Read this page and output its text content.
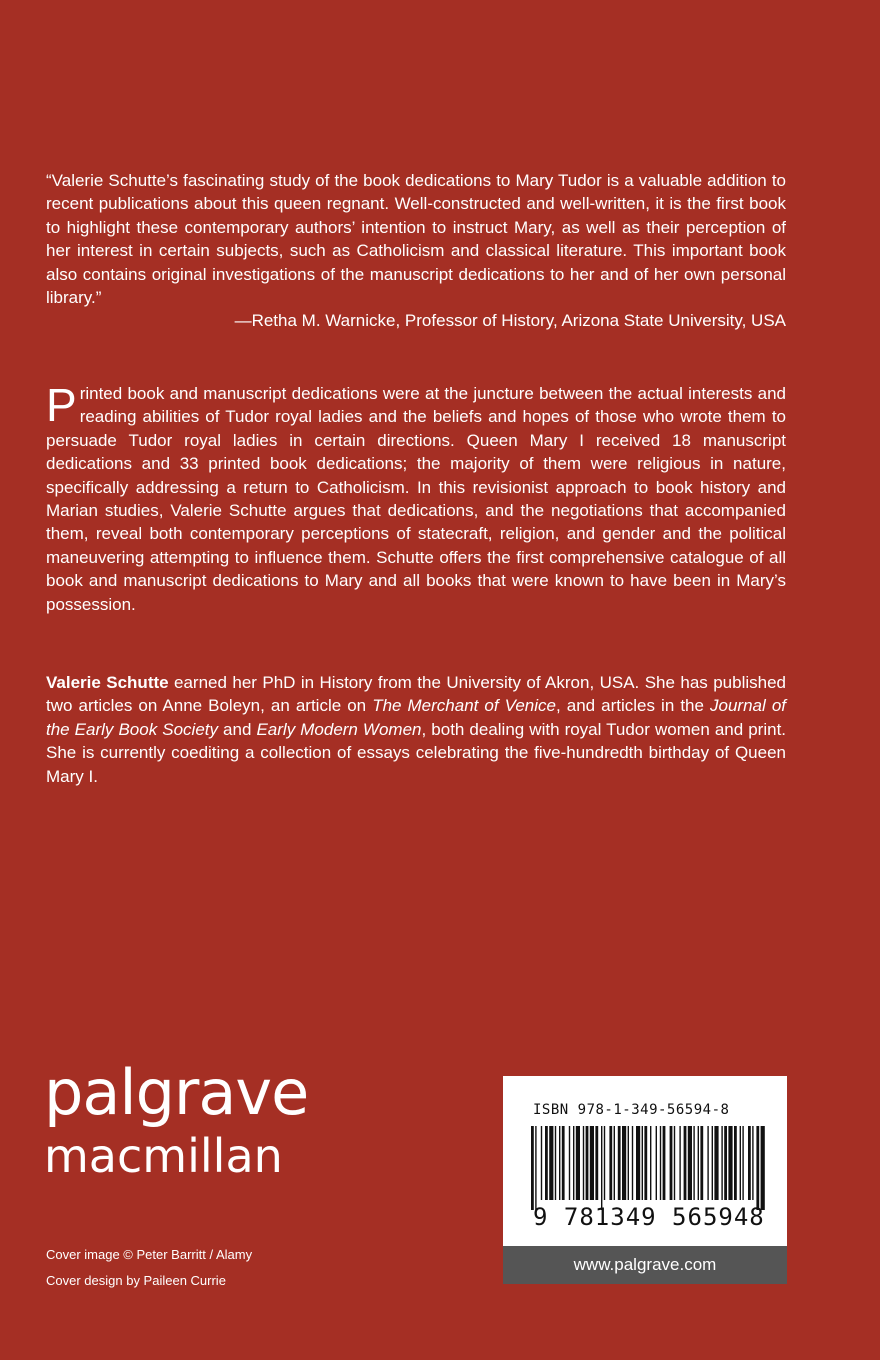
“Valerie Schutte’s fascinating study of the book dedications to Mary Tudor is a valuable addition to recent publications about this queen regnant. Well-constructed and well-written, it is the first book to highlight these contemporary authors’ intention to instruct Mary, as well as their perception of her interest in certain subjects, such as Catholicism and classical literature. This important book also contains original investigations of the manuscript dedications to her and of her own personal library.”
—Retha M. Warnicke, Professor of History, Arizona State University, USA
Printed book and manuscript dedications were at the juncture between the actual interests and reading abilities of Tudor royal ladies and the beliefs and hopes of those who wrote them to persuade Tudor royal ladies in certain directions. Queen Mary I received 18 manuscript dedications and 33 printed book dedications; the majority of them were religious in nature, specifically addressing a return to Catholicism. In this revisionist approach to book history and Marian studies, Valerie Schutte argues that dedications, and the negotiations that accompanied them, reveal both contemporary perceptions of statecraft, religion, and gender and the political maneuvering attempting to influence them. Schutte offers the first comprehensive catalogue of all book and manuscript dedications to Mary and all books that were known to have been in Mary’s possession.
Valerie Schutte earned her PhD in History from the University of Akron, USA. She has published two articles on Anne Boleyn, an article on The Merchant of Venice, and articles in the Journal of the Early Book Society and Early Modern Women, both dealing with royal Tudor women and print. She is currently coediting a collection of essays celebrating the five-hundredth birthday of Queen Mary I.
palgrave
macmillan
Cover image © Peter Barritt / Alamy
Cover design by Paileen Currie
ISBN 978-1-349-56594-8
9 781349 565948
www.palgrave.com
